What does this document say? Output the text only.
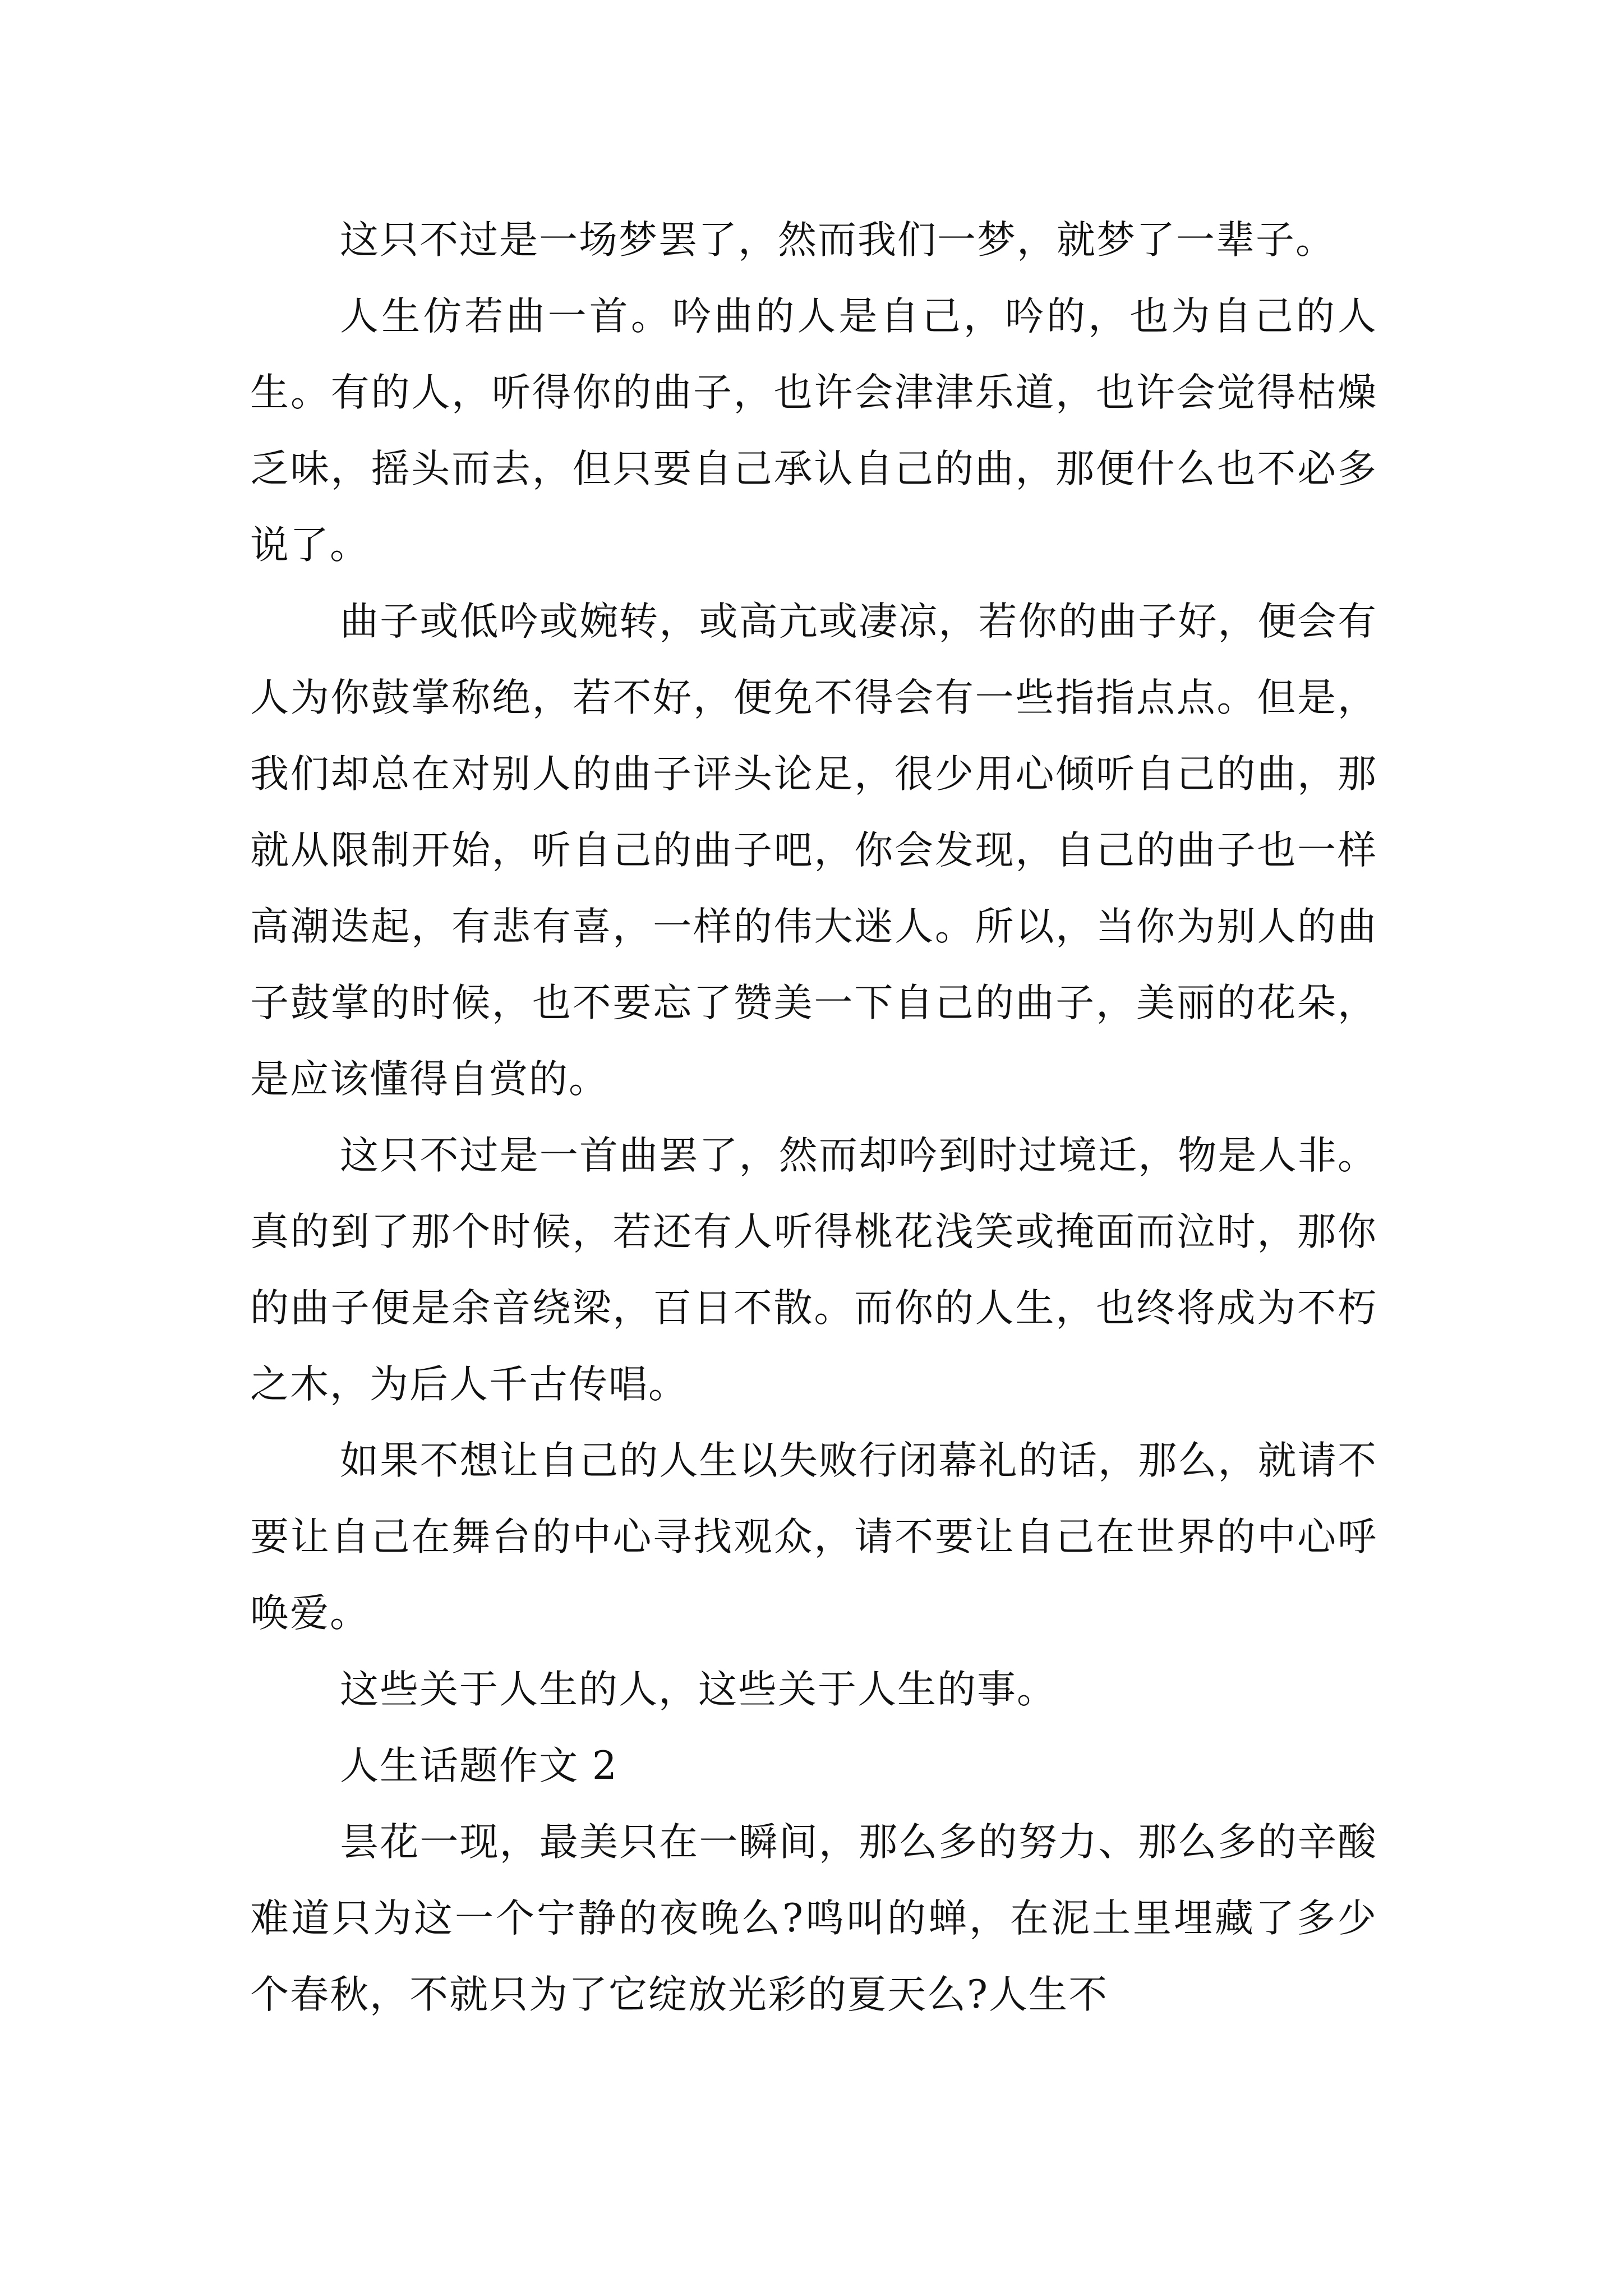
这只不过是一场梦罢了，然而我们一梦，就梦了一辈子。

人生仿若曲一首。吟曲的人是自己，吟的，也为自己的人生。有的人，听得你的曲子，也许会津津乐道，也许会觉得枯燥乏味，摇头而去，但只要自己承认自己的曲，那便什么也不必多说了。

曲子或低吟或婉转，或高亢或凄凉，若你的曲子好，便会有人为你鼓掌称绝，若不好，便免不得会有一些指指点点。但是，我们却总在对别人的曲子评头论足，很少用心倾听自己的曲，那就从限制开始，听自己的曲子吧，你会发现，自己的曲子也一样高潮迭起，有悲有喜，一样的伟大迷人。所以，当你为别人的曲子鼓掌的时候，也不要忘了赞美一下自己的曲子，美丽的花朵，是应该懂得自赏的。

这只不过是一首曲罢了，然而却吟到时过境迁，物是人非。真的到了那个时候，若还有人听得桃花浅笑或掩面而泣时，那你的曲子便是余音绕梁，百日不散。而你的人生，也终将成为不朽之木，为后人千古传唱。

如果不想让自己的人生以失败行闭幕礼的话，那么，就请不要让自己在舞台的中心寻找观众，请不要让自己在世界的中心呼唤爱。

这些关于人生的人，这些关于人生的事。

人生话题作文 2

昙花一现，最美只在一瞬间，那么多的努力、那么多的辛酸难道只为这一个宁静的夜晚么?鸣叫的蝉，在泥土里埋藏了多少个春秋，不就只为了它绽放光彩的夏天么?人生不
